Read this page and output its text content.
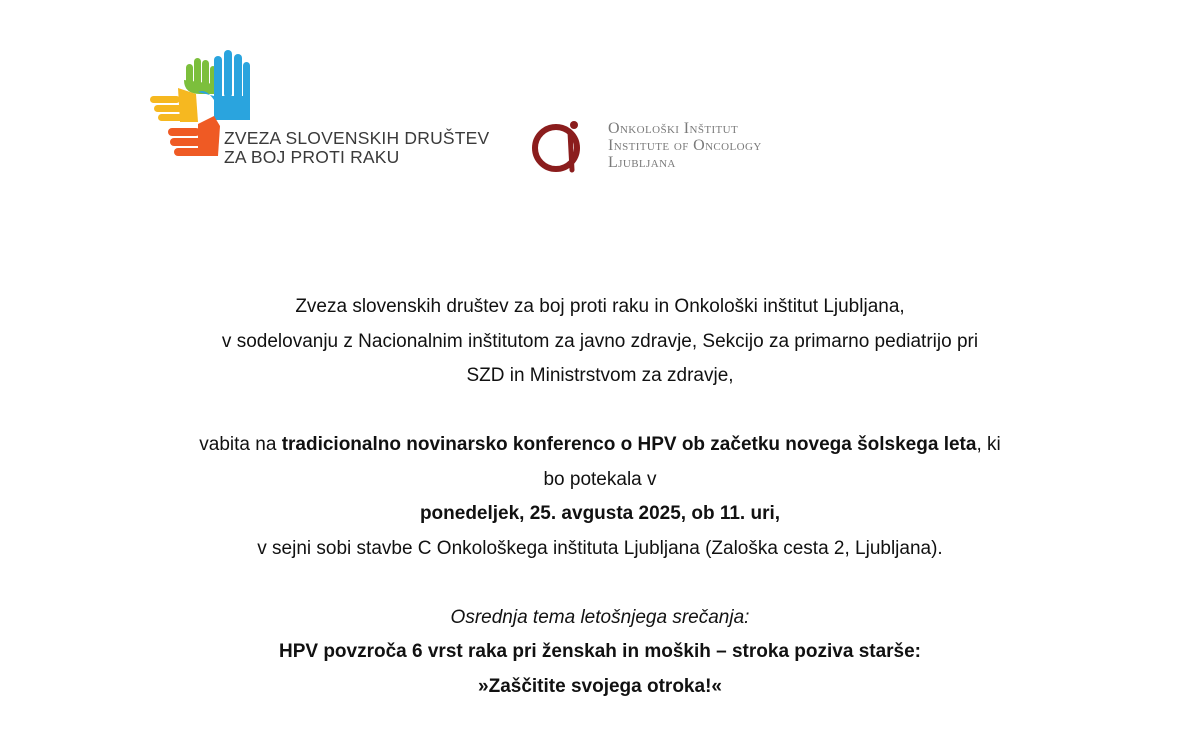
ZVEZA SLOVENSKIH DRUŠTEV
ZA BOJ PROTI RAKU
Onkološki Inštitut
Institute of Oncology
Ljubljana

Zveza slovenskih društev za boj proti raku in Onkološki inštitut Ljubljana,

v sodelovanju z Nacionalnim inštitutom za javno zdravje, Sekcijo za primarno pediatrijo pri

SZD in Ministrstvom za zdravje,

vabita na tradicionalno novinarsko konferenco o HPV ob začetku novega šolskega leta, ki

bo potekala v

ponedeljek, 25. avgusta 2025, ob 11. uri,

v sejni sobi stavbe C Onkološkega inštituta Ljubljana (Zaloška cesta 2, Ljubljana).

Osrednja tema letošnjega srečanja:

HPV povzroča 6 vrst raka pri ženskah in moških – stroka poziva starše:

»Zaščitite svojega otroka!«
